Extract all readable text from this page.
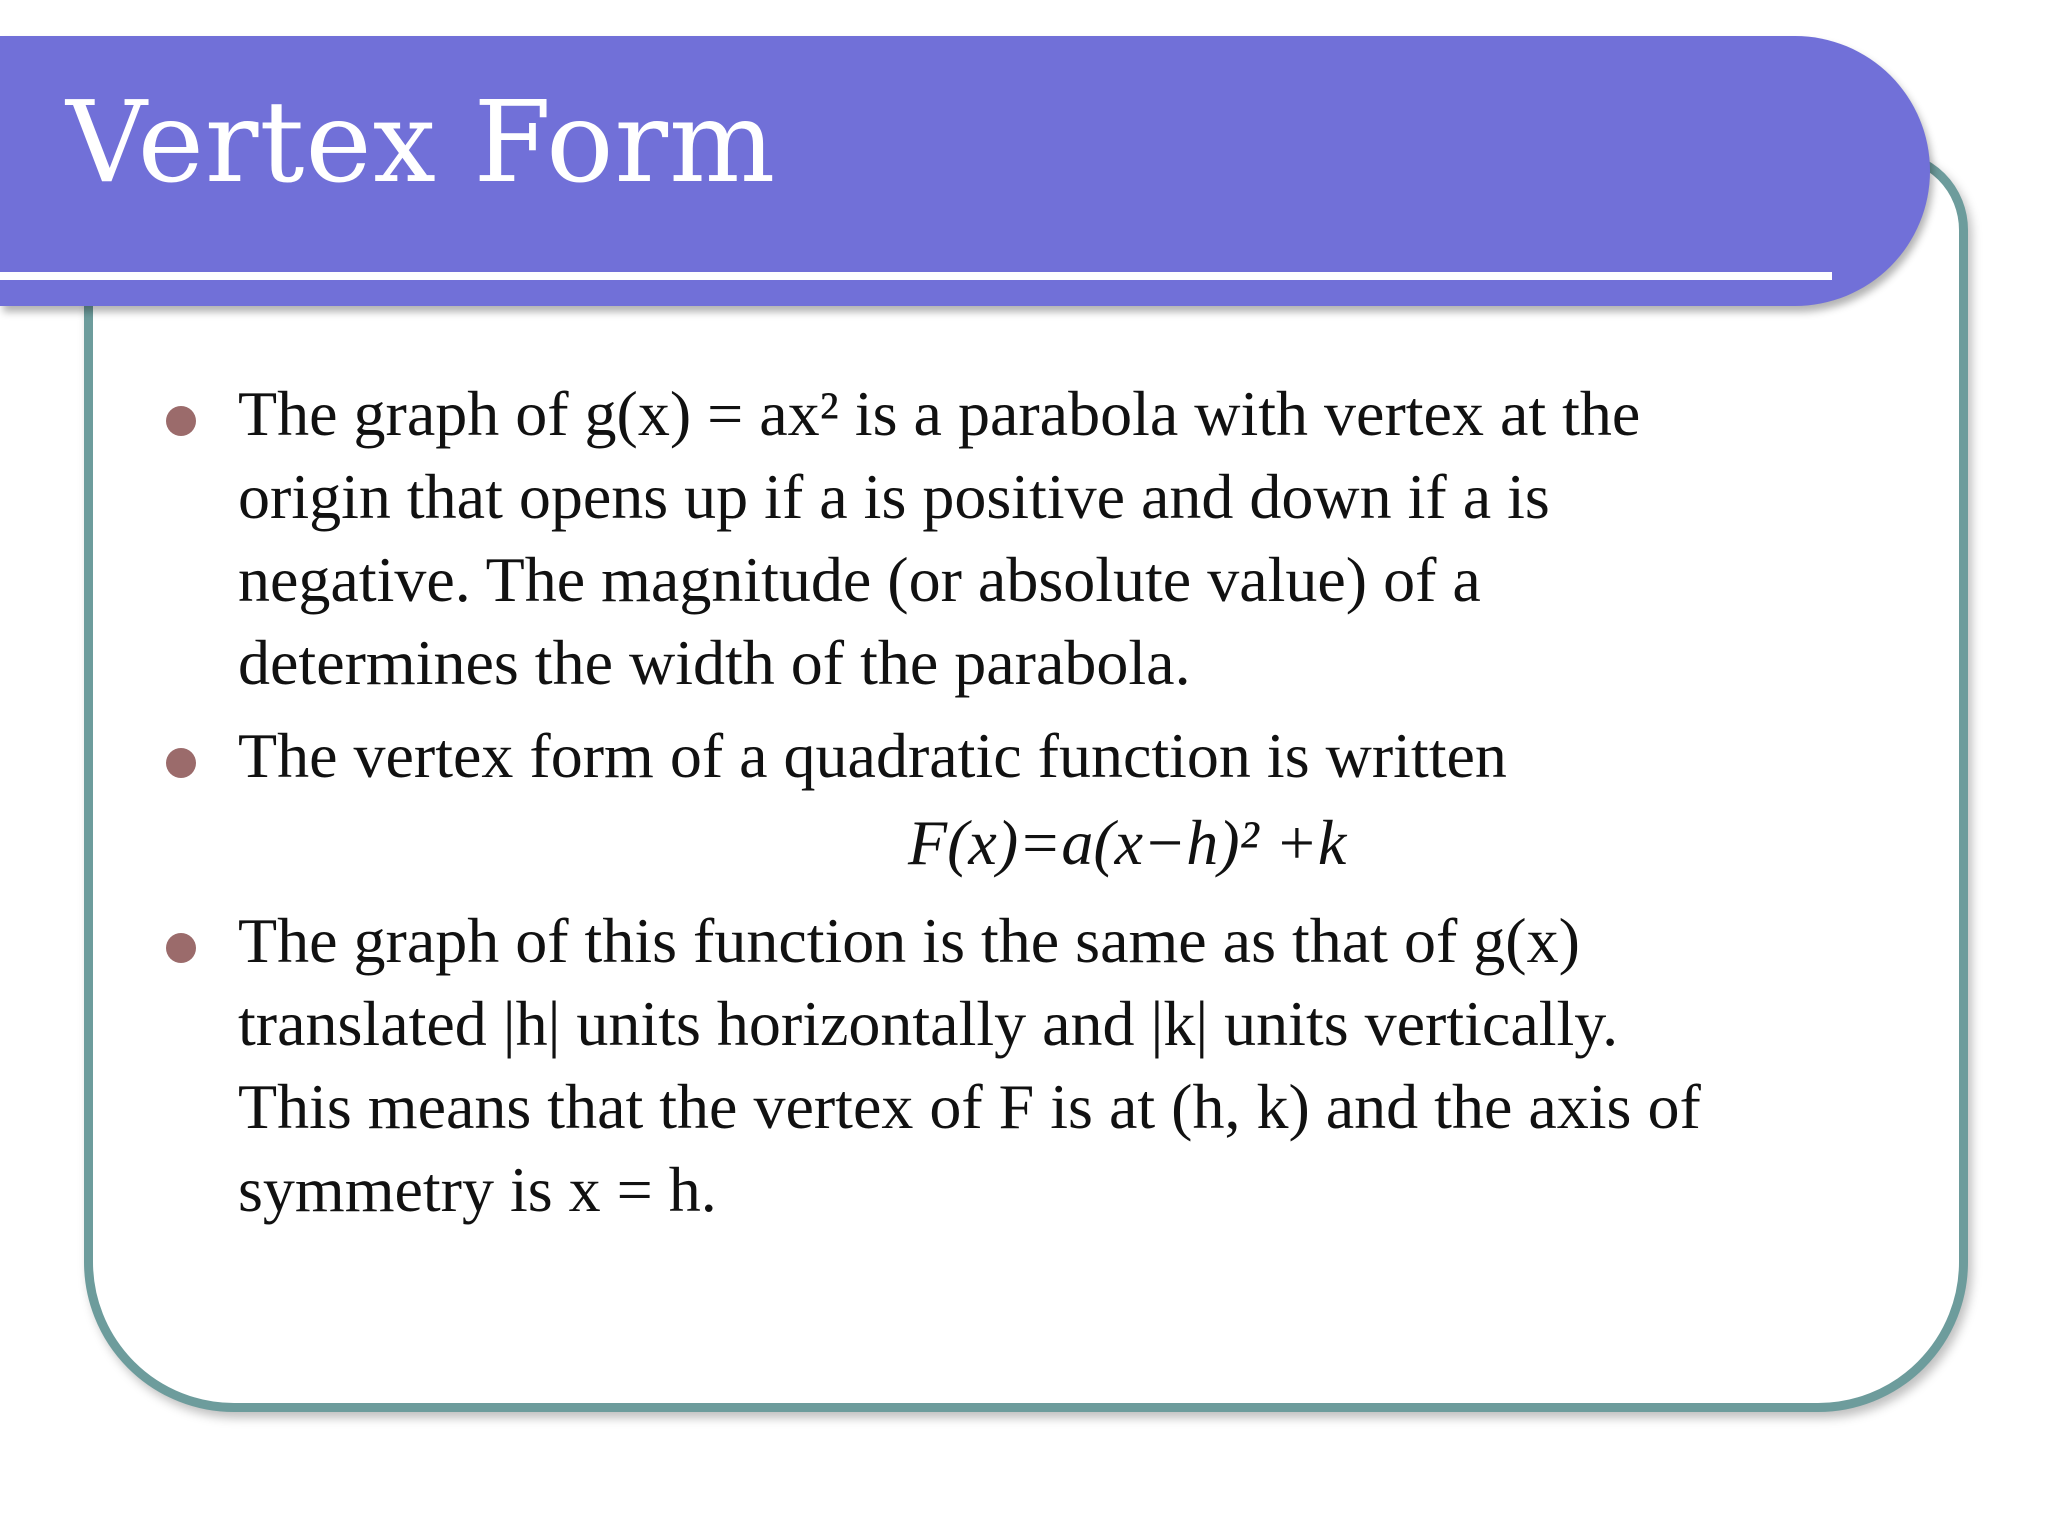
Vertex Form
The graph of g(x) = ax² is a parabola with vertex at the
origin that opens up if a is positive and down if a is
negative. The magnitude (or absolute value) of a
determines the width of the parabola.
The vertex form of a quadratic function is written
F(x)=a(x−h)² +k
The graph of this function is the same as that of g(x)
translated |h| units horizontally and |k| units vertically.
This means that the vertex of F is at (h, k) and the axis of
symmetry is x = h.
